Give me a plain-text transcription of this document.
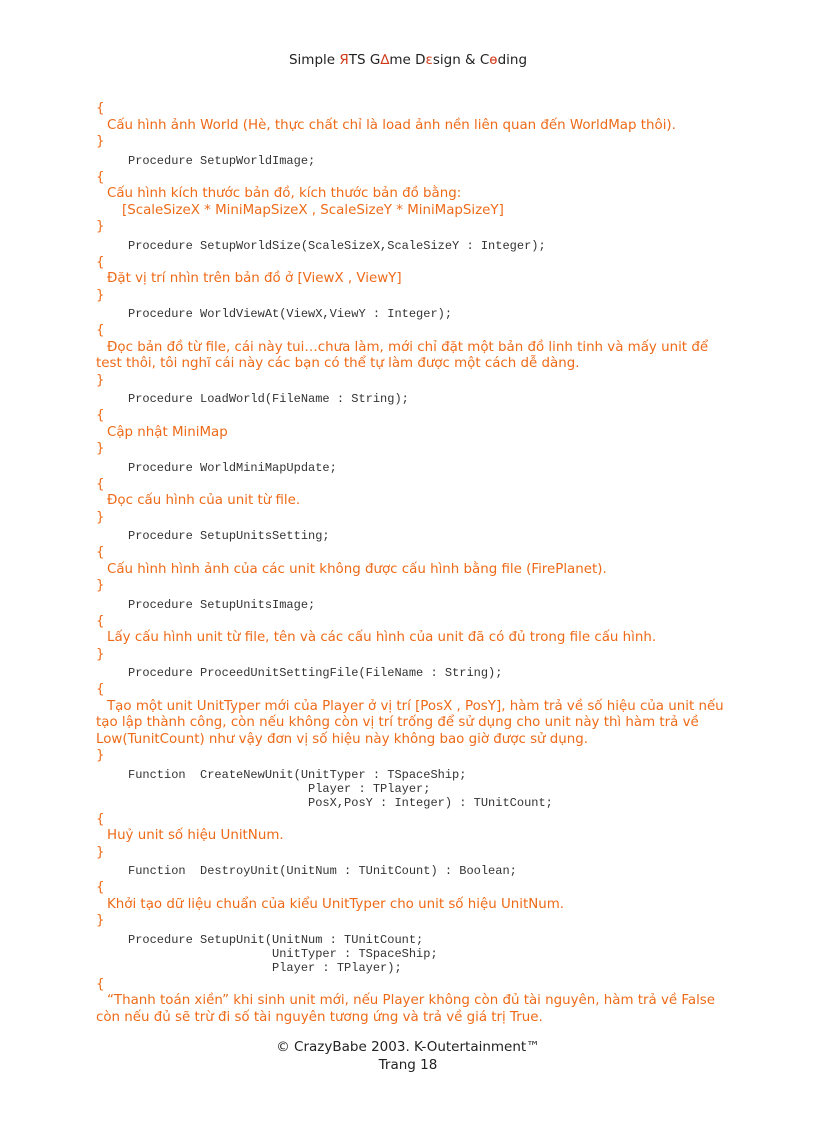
Simple ЯTS G∆me Dɛsign & Cɵding
{
Cấu hình ảnh World (Hè, thực chất chỉ là load ảnh nền liên quan đến WorldMap thôi).
}
Procedure SetupWorldImage;
{
Cấu hình kích thước bản đồ, kích thước bản đồ bằng:
[ScaleSizeX * MiniMapSizeX , ScaleSizeY * MiniMapSizeY]
}
Procedure SetupWorldSize(ScaleSizeX,ScaleSizeY : Integer);
{
Đặt vị trí nhìn trên bản đồ ở [ViewX , ViewY]
}
Procedure WorldViewAt(ViewX,ViewY : Integer);
{
Đọc bản đồ từ file, cái này tui…chưa làm, mới chỉ đặt một bản đồ linh tinh và mấy unit để test thôi, tôi nghĩ cái này các bạn có thể tự làm được một cách dễ dàng.
}
Procedure LoadWorld(FileName : String);
{
Cập nhật MiniMap
}
Procedure WorldMiniMapUpdate;
{
Đọc cấu hình của unit từ file.
}
Procedure SetupUnitsSetting;
{
Cấu hình hình ảnh của các unit không được cấu hình bằng file (FirePlanet).
}
Procedure SetupUnitsImage;
{
Lấy cấu hình unit từ file, tên và các cấu hình của unit đã có đủ trong file cấu hình.
}
Procedure ProceedUnitSettingFile(FileName : String);
{
Tạo một unit UnitTyper mới của Player ở vị trí [PosX , PosY], hàm trả về số hiệu của unit nếu tạo lập thành công, còn nếu không còn vị trí trống để sử dụng cho unit này thì hàm trả về Low(TunitCount) như vậy đơn vị số hiệu này không bao giờ được sử dụng.
}
Function  CreateNewUnit(UnitTyper : TSpaceShip;
Player : TPlayer;
PosX,PosY : Integer) : TUnitCount;
{
Huỷ unit số hiệu UnitNum.
}
Function  DestroyUnit(UnitNum : TUnitCount) : Boolean;
{
Khởi tạo dữ liệu chuẩn của kiểu UnitTyper cho unit số hiệu UnitNum.
}
Procedure SetupUnit(UnitNum : TUnitCount;
UnitTyper : TSpaceShip;
Player : TPlayer);
{
“Thanh toán xiền” khi sinh unit mới, nếu Player không còn đủ tài nguyên, hàm trả về False còn nếu đủ sẽ trừ đi số tài nguyên tương ứng và trả về giá trị True.
© CrazyBabe 2003. K-Outertainment™
Trang 18
